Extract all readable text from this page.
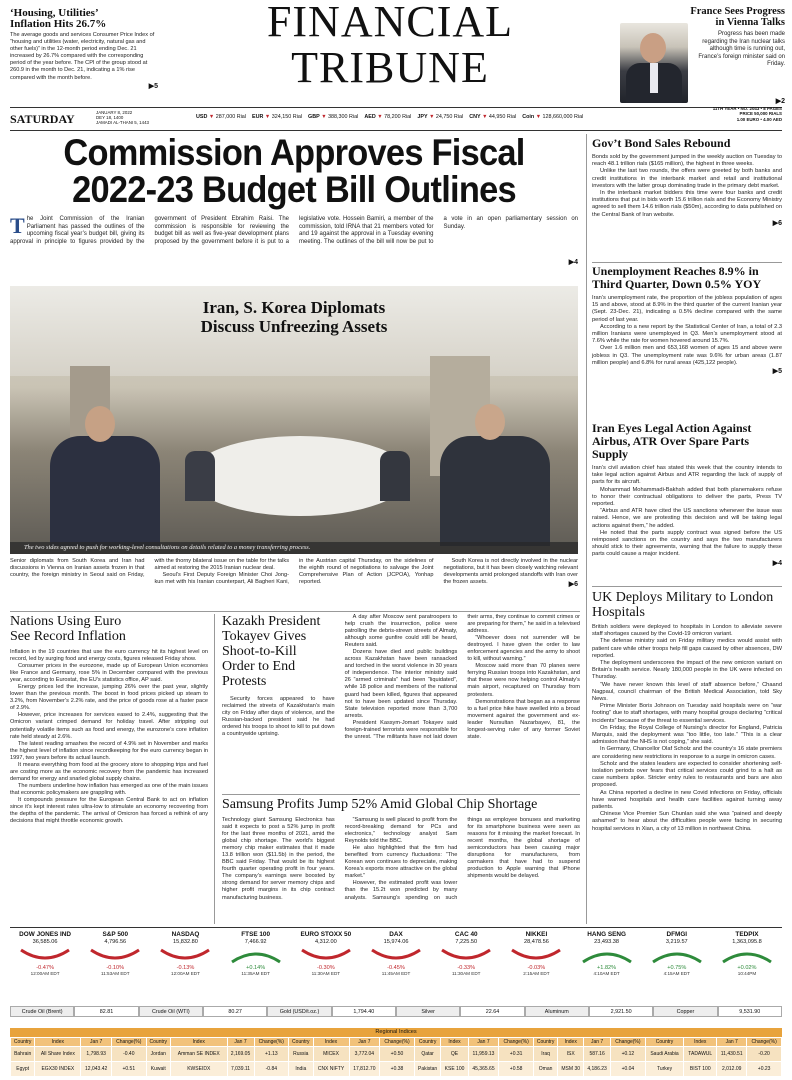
‘Housing, Utilities’
Inflation Hits 26.7%
The average goods and services Consumer Price Index of “housing and utilities (water, electricity, natural gas and other fuels)” in the 12-month period ending Dec. 21 increased by 26.7% compared with the corresponding period of the year before. The CPI of the group stood at 260.9 in the month to Dec. 21, indicating a 1% rise compared with the month before.
▶5
FINANCIAL
TRIBUNE
France Sees Progress
in Vienna Talks
Progress has been made regarding the Iran nuclear talks although time is running out, France’s foreign minister said on Friday.
▶2
SATURDAY	JANUARY 8, 2022
DEY 18, 1400
JAMADI AL-THANI 5, 1443
USD ▼ 287,000 Rial EUR ▼ 324,150 Rial GBP ▼ 388,300 Rial AED ▼ 78,200 Rial JPY ▼ 24,750 Rial CNY ▼ 44,950 Rial Coin ▼ 128,660,000 Rial
11TH YEAR • NO. 2043 • 8 PAGES
PRICE 50,000 RIALS
1.00 EURO • 4.00 AED
Commission Approves Fiscal
2022-23 Budget Bill Outlines
The Joint Commission of the Iranian Parliament has passed the outlines of the upcoming fiscal year’s budget bill, giving its approval in principle to figures provided by the government of President Ebrahim Raisi. The commission is responsible for reviewing the budget bill as well as five-year development plans proposed by the government before it is put to a legislative vote. Hossein Bamiri, a member of the commission, told IRNA that 21 members voted for and 19 against the approval in a Tuesday evening meeting. The outlines of the bill will now be put to a vote in an open parliamentary session on Sunday.
▶4
Iran, S. Korea Diplomats
Discuss Unfreezing Assets
The two sides agreed to push for working-level consultations on details related to a money transferring process.

Senior diplomats from South Korea and Iran had discussions in Vienna on Iranian assets frozen in that country, the foreign ministry in Seoul said on Friday, with the thorny bilateral issue on the table for the talks aimed at restoring the 2015 Iranian nuclear deal.

Seoul’s First Deputy Foreign Minister Choi Jong-kun met with his Iranian counterpart, Ali Bagheri Kani, in the Austrian capital Thursday, on the sidelines of the eighth round of negotiations to salvage the Joint Comprehensive Plan of Action (JCPOA), Yonhap reported.

South Korea is not directly involved in the nuclear negotiations, but it has been closely watching relevant developments amid prolonged standoffs with Iran over the frozen assets.	▶6
Gov’t Bond Sales Rebound

Bonds sold by the government jumped in the weekly auction on Tuesday to reach 48.1 trillion rials ($165 million), the highest in three weeks.

Unlike the last two rounds, the offers were greeted by both banks and credit institutions in the interbank market and retail and institutional investors with the latter group dominating trade in the primary debt market.

In the interbank market bidders this time were four banks and credit institutions that put in bids worth 15.6 trillion rials and the Economy Ministry agreed to sell them 14.6 trillion rials ($50m), according to data published on the Central Bank of Iran website.

▶6
Unemployment Reaches 8.9% in Third Quarter, Down 0.5% YOY

Iran’s unemployment rate, the proportion of the jobless population of ages 15 and above, stood at 8.9% in the third quarter of the current Iranian year (Sept. 23-Dec. 21), indicating a 0.5% decline compared with the same period of last year.

According to a new report by the Statistical Center of Iran, a total of 2.3 million Iranians were unemployed in Q3. Men’s unemployment stood at 7.6% while the rate for women hovered around 15.7%.

Over 1.6 million men and 653,168 women of ages 15 and above were jobless in Q3. The unemployment rate was 9.6% for urban areas (1.87 million people) and 6.8% for rural areas (425,122 people).

▶5
Iran Eyes Legal Action Against Airbus, ATR Over Spare Parts Supply

Iran’s civil aviation chief has stated this week that the country intends to take legal action against Airbus and ATR regarding the lack of supply of parts for its aircraft.

Mohammad Mohammadi-Bakhsh added that both planemakers refuse to honor their contractual obligations to deliver the parts, Press TV reported.

“Airbus and ATR have cited the US sanctions whenever the issue was raised. Hence, we are protesting this decision and will be taking legal actions against them,” he added.

He noted that the parts supply contract was signed before the US reimposed sanctions on the country and says the two manufacturers should stick to their agreements, warning that the failure to supply these parts could cause a major incident.

▶4
UK Deploys Military to London Hospitals

British soldiers were deployed to hospitals in London to alleviate severe staff shortages caused by the Covid-19 omicron variant.

The defense ministry said on Friday military medics would assist with patient care while other troops help fill gaps caused by other absences, DW reported.

The deployment underscores the impact of the new omicron variant on Britain’s health service. Nearly 180,000 people in the UK were infected on Thursday.

“We have never known this level of staff absence before,” Chaand Nagpaul, council chairman of the British Medical Association, told Sky News.

Prime Minister Boris Johnson on Tuesday said hospitals were on “war footing” due to staff shortages, with many hospital groups declaring “critical incidents” because of the threat to essential services.

On Friday, the Royal College of Nursing’s director for England, Patricia Marquis, said the deployment was “too little, too late.” “This is a clear admission that the NHS is not coping,” she said.

In Germany, Chancellor Olaf Scholz and the country’s 16 state premiers are considering new restrictions in response to a surge in omicron cases.

Scholz and the states leaders are expected to consider shortening self-isolation periods over fears that critical services could grind to a halt as case numbers spike. Stricter entry rules to restaurants and bars are also proposed.

As China reported a decline in new Covid infections on Friday, officials have warned hospitals and health care facilities against turning away patients.

Chinese Vice Premier Sun Chunlan said she was “pained and deeply ashamed” to hear about the difficulties people were facing in securing hospital services in Xian, a city of 13 million in northwest China.

Nations Using Euro
See Record Inflation

Inflation in the 19 countries that use the euro currency hit its highest level on record, led by surging food and energy costs, figures released Friday show.

Consumer prices in the eurozone, made up of European Union economies like France and Germany, rose 5% in December compared with the previous year, according to Eurostat, the EU’s statistics office, AP said.

Energy prices led the increase, jumping 26% over the past year, slightly lower than the previous month. The boost in food prices picked up steam to 3.2%, from November’s 2.2% rate, and the price of goods rose at a faster pace of 2.9%.

However, price increases for services eased to 2.4%, suggesting that the Omicron variant crimped demand for holiday travel. After stripping out potentially volatile items such as food and energy, the eurozone’s core inflation rate held steady at 2.6%.

The latest reading smashes the record of 4.9% set in November and marks the highest level of inflation since recordkeeping for the euro currency began in 1997, two years before its actual launch.

It means everything from food at the grocery store to shopping trips and fuel are costing more as the economic recovery from the pandemic has increased demand for energy and snarled global supply chains.

The numbers underline how inflation has emerged as one of the main issues that economic policymakers are grappling with.

It compounds pressure for the European Central Bank to act on inflation since it’s kept interest rates ultra-low to stimulate an economy recovering from the depths of the pandemic. The arrival of Omicron has forced a rethink of any decisions that might throttle economic growth.

Kazakh President
Tokayev Gives
Shoot-to-Kill
Order to End
Protests

Security forces appeared to have reclaimed the streets of Kazakhstan’s main city on Friday after days of violence, and the Russian-backed president said he had ordered his troops to shoot to kill to put down a countrywide uprising.

A day after Moscow sent paratroopers to help crush the insurrection, police were patrolling the debris-strewn streets of Almaty, although some gunfire could still be heard, Reuters said.

Dozens have died and public buildings across Kazakhstan have been ransacked and torched in the worst violence in 30 years of independence. The interior ministry said 26 “armed criminals” had been “liquidated”, while 18 police and members of the national guard had been killed, figures that appeared not to have been updated since Thursday. State television reported more than 3,700 arrests.

President Kassym-Jomart Tokayev said foreign-trained terrorists were responsible for the unrest. “The militants have not laid down their arms, they continue to commit crimes or are preparing for them,” he said in a televised address.

“Whoever does not surrender will be destroyed. I have given the order to law enforcement agencies and the army to shoot to kill, without warning.”

Moscow said more than 70 planes were ferrying Russian troops into Kazakhstan, and that these were now helping control Almaty’s main airport, recaptured on Thursday from protesters.

Demonstrations that began as a response to a fuel price hike have swelled into a broad movement against the government and ex-leader Nursultan Nazarbayev, 81, the longest-serving ruler of any former Soviet state.

Samsung Profits Jump 52% Amid Global Chip Shortage

Technology giant Samsung Electronics has said it expects to post a 52% jump in profit for the last three months of 2021, amid the global chip shortage. The world’s biggest memory chip maker estimates that it made 13.8 trillion won ($11.5b) in the period, the BBC said Friday. That would be its highest fourth quarter operating profit in four years. The company’s earnings were boosted by strong demand for server memory chips and higher profit margins in its chip contract manufacturing business.

“Samsung is well placed to profit from the record-breaking demand for PCs and electronics,” technology analyst Sam Reynolds told the BBC.

He also highlighted that the firm had benefited from currency fluctuations: “The Korean won continues to depreciate, making Korea’s exports more attractive on the global market.”

However, the estimated profit was lower than the 15.2t won predicted by many analysts. Samsung’s spending on such things as employee bonuses and marketing for its smartphone business were seen as reasons for it missing the market forecast. In recent months, the global shortage of semiconductors has been causing major disruptions for manufacturers, from carmakers that have had to suspend production to Apple warning that iPhone shipments would be delayed.

DOW JONES IND
36,585.06
-0.47%
12:00AM EDT
S&P 500
4,796.56
-0.10%
11:53AM EDT
NASDAQ
15,832.80
-0.13%
12:00AM EDT
FTSE 100
7,466.92
+0.14%
11:35AM EDT
EURO STOXX 50
4,312.00
-0.30%
11:30AM EDT
DAX
15,974.06
-0.45%
11:45AM EDT
CAC 40
7,225.50
-0.33%
11:30AM EDT
NIKKEI
28,478.56
-0.03%
2:15AM EDT
HANG SENG
23,493.38
+1.82%
4:10AM EDT
DFMGI
3,219.57
+0.75%
4:15AM EDT
TEDPIX
1,363,095.8
+0.02%
10:44PM
Crude Oil (Brent)	82.81	Crude Oil (WTI)	80.27	Gold (USD/t.oz.)	1,794.40	Silver	22.64	Aluminum	2,921.50	Copper	9,531.90
Regional Indices
Country	Index	Jan 7	Change(%)	Country	Index	Jan 7	Change(%)	Country	Index	Jan 7	Change(%)	Country	Index	Jan 7	Change(%)	Country	Index	Jan 7	Change(%)	Country	Index	Jan 7	Change(%)
Bahrain	All Share Index	1,798.93	-0.40	Jordan	Amman SE INDEX	2,169.05	+1.13	Russia	MICEX	3,772.04	+0.50	Qatar	QE	11,959.13	+0.31	Iraq	ISX	587.16	+0.12	Saudi Arabia	TADAWUL	11,430.51	-0.20
Egypt	EGX30 INDEX	12,043.42	+0.51	Kuwait	KWSEIDX	7,039.11	-0.84	India	CNX NIFTY	17,812.70	+0.38	Pakistan	KSE 100	45,365.65	+0.58	Oman	MSM 30	4,186.23	+0.04	Turkey	BIST 100	2,012.09	+0.23
